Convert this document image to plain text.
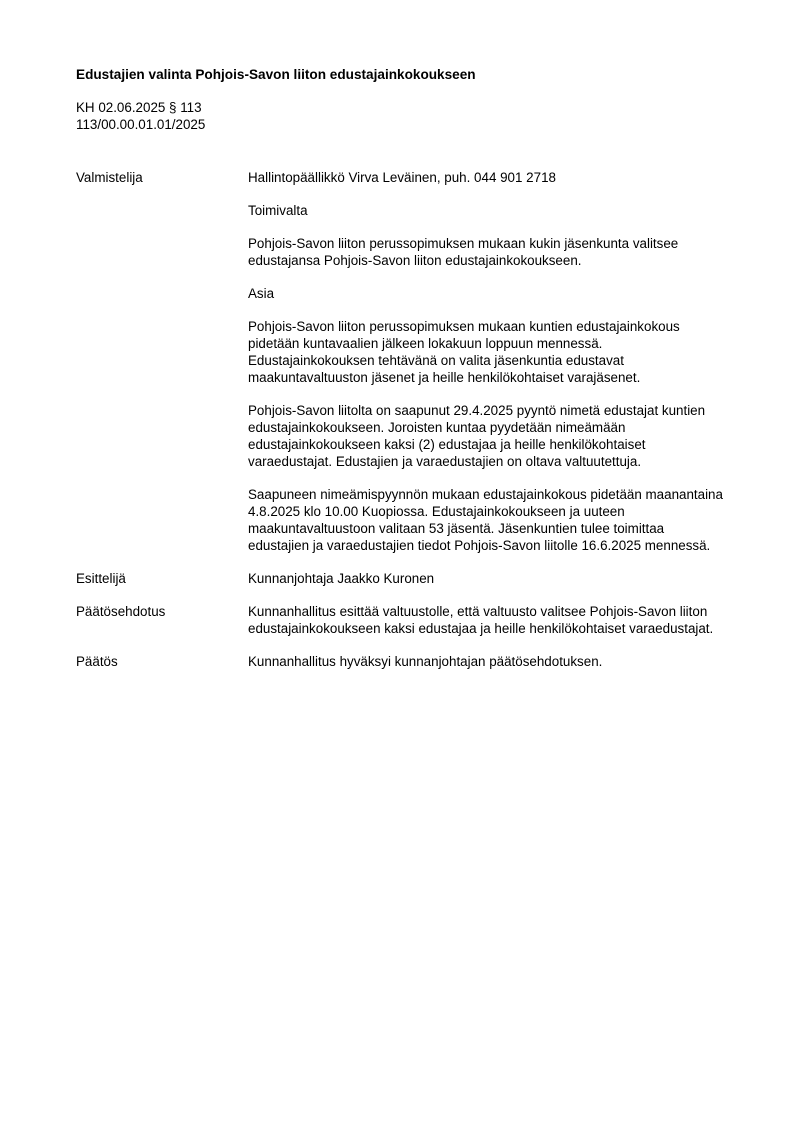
Edustajien valinta Pohjois-Savon liiton edustajainkokoukseen
KH 02.06.2025 § 113
113/00.00.01.01/2025
Valmistelija	Hallintopäällikkö Virva Leväinen, puh. 044 901 2718
Toimivalta
Pohjois-Savon liiton perussopimuksen mukaan kukin jäsenkunta valitsee edustajansa Pohjois-Savon liiton edustajainkokoukseen.
Asia
Pohjois-Savon liiton perussopimuksen mukaan kuntien edustajainkokous pidetään kuntavaalien jälkeen lokakuun loppuun mennessä. Edustajainkokouksen tehtävänä on valita jäsenkuntia edustavat maakuntavaltuuston jäsenet ja heille henkilökohtaiset varajäsenet.
Pohjois-Savon liitolta on saapunut 29.4.2025 pyyntö nimetä edustajat kuntien edustajainkokoukseen. Joroisten kuntaa pyydetään nimeämään edustajainkokoukseen kaksi (2) edustajaa ja heille henkilökohtaiset varaedustajat. Edustajien ja varaedustajien on oltava valtuutettuja.
Saapuneen nimeämispyynnön mukaan edustajainkokous pidetään maanantaina 4.8.2025 klo 10.00 Kuopiossa. Edustajainkokoukseen ja uuteen maakuntavaltuustoon valitaan 53 jäsentä. Jäsenkuntien tulee toimittaa edustajien ja varaedustajien tiedot Pohjois-Savon liitolle 16.6.2025 mennessä.
Esittelijä	Kunnanjohtaja Jaakko Kuronen
Päätösehdotus	Kunnanhallitus esittää valtuustolle, että valtuusto valitsee Pohjois-Savon liiton edustajainkokoukseen kaksi edustajaa ja heille henkilökohtaiset varaedustajat.
Päätös	Kunnanhallitus hyväksyi kunnanjohtajan päätösehdotuksen.
